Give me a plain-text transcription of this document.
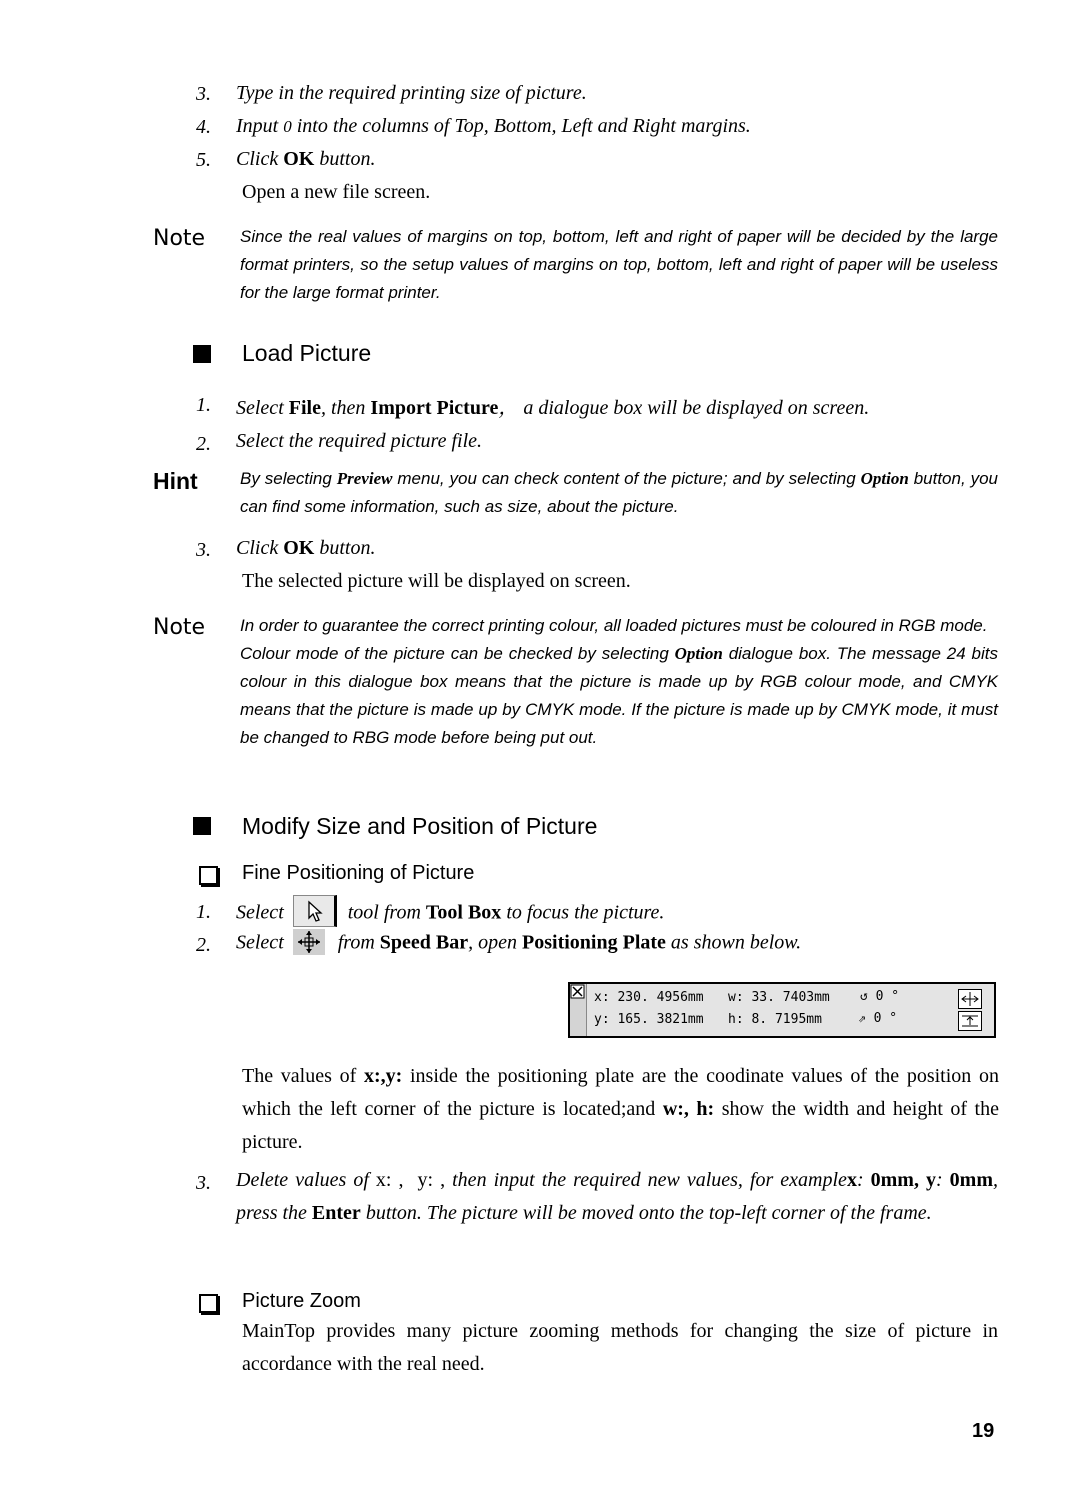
3. Type in the required printing size of picture.
4. Input 0 into the columns of Top, Bottom, Left and Right margins.
5. Click OK button.
Open a new file screen.
Note Since the real values of margins on top, bottom, left and right of paper will be decided by the large format printers, so the setup values of margins on top, bottom, left and right of paper will be useless for the large format printer.

Load Picture
1. Select File, then Import Picture， a dialogue box will be displayed on screen.
2. Select the required picture file.
Hint By selecting Preview menu, you can check content of the picture; and by selecting Option button, you can find some information, such as size, about the picture.

3. Click OK button.
The selected picture will be displayed on screen.
Note In order to guarantee the correct printing colour, all loaded pictures must be coloured in RGB mode.

Colour mode of the picture can be checked by selecting Option dialogue box. The message 24 bits colour in this dialogue box means that the picture is made up by RGB colour mode, and CMYK means that the picture is made up by CMYK mode. If the picture is made up by CMYK mode, it must be changed to RBG mode before being put out.

Modify Size and Position of Picture
Fine Positioning of Picture
1. Select	tool from Tool Box to focus the picture.
2. Select  from Speed Bar, open Positioning Plate as shown below.
x: 230. 4956mm
y: 165. 3821mm
w: 33. 7403mm
h: 8. 7195mm
↺ 0 °
⇗ 0 °
The values of x:,y: inside the positioning plate are the coodinate values of the position on which the left corner of the picture is located;and w:, h: show the width and height of the picture.
3. Delete values of x: , y: , then input the required new values, for examplex: 0mm, y: 0mm, press the Enter button. The picture will be moved onto the top-left corner of the frame.
Picture Zoom
MainTop provides many picture zooming methods for changing the size of picture in accordance with the real need.
19
